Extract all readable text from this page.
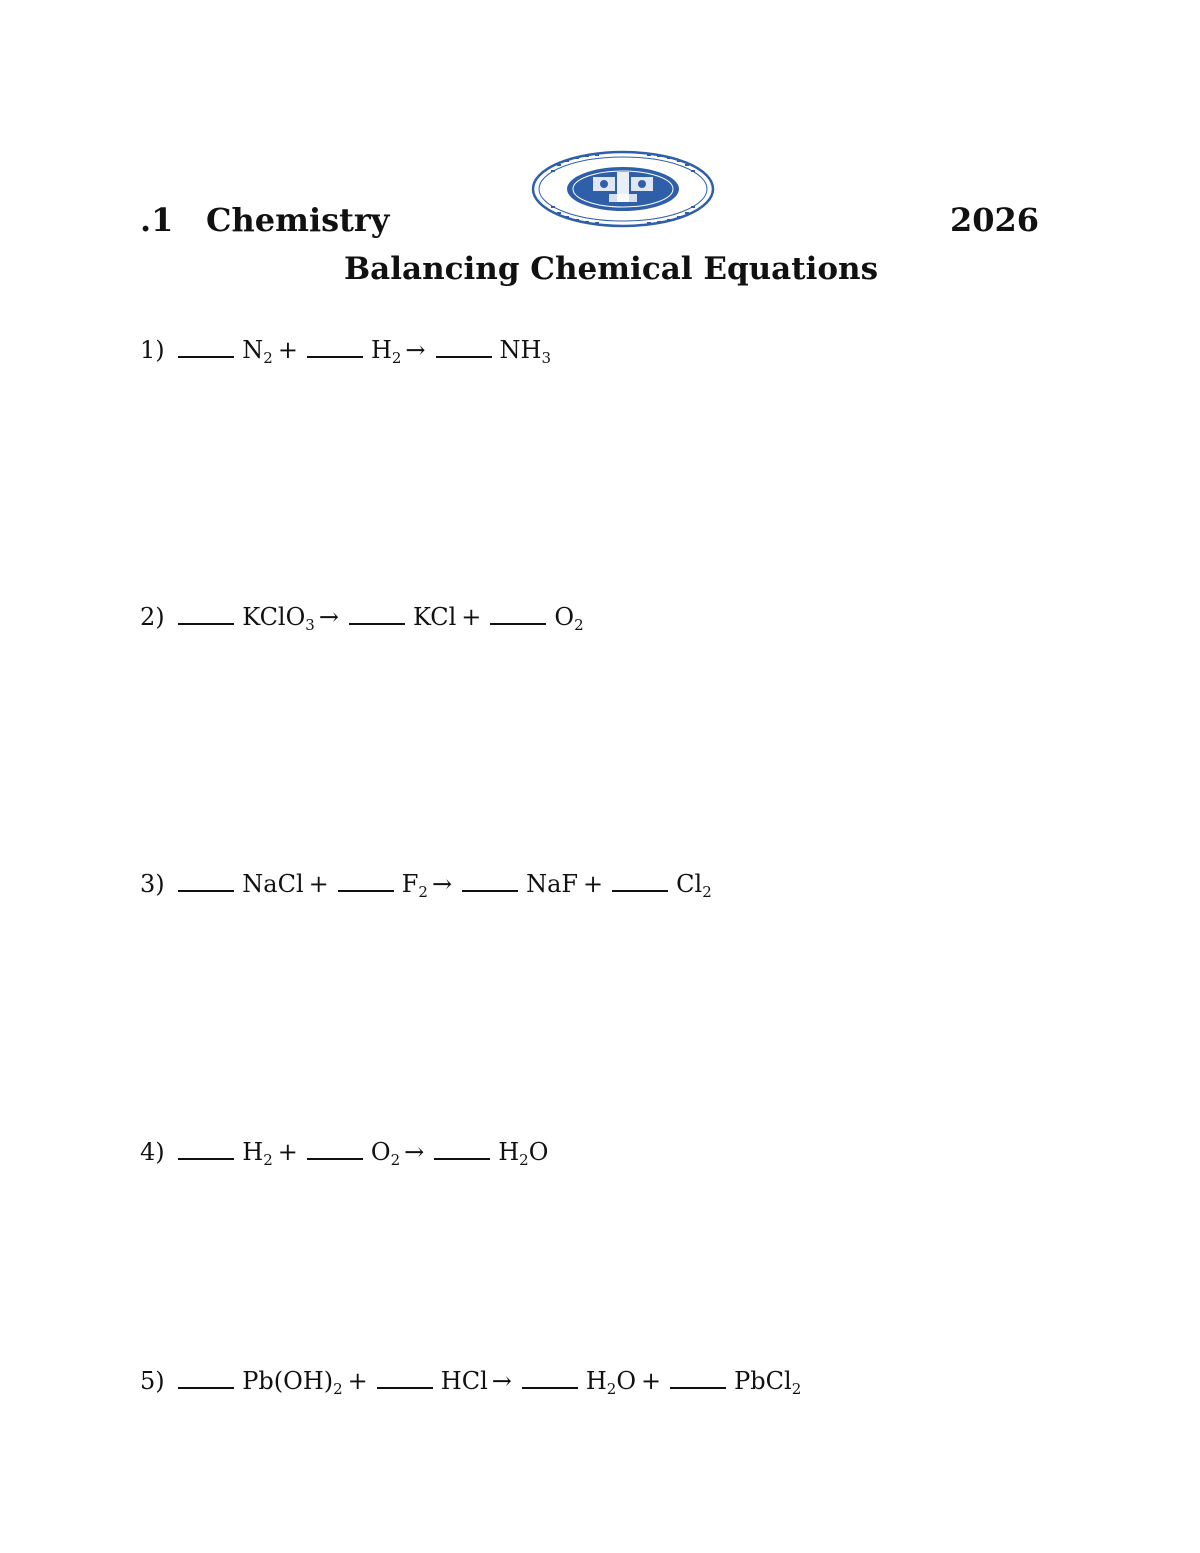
.1 Chemistry	2026
Balancing Chemical Equations
1)	$N_2$ +	$H_2$ →	$NH_3$
2)	KClO$_3$ →	KCl +	$O_2$
3)	NaCl +	$F_2$ →	NaF +	$Cl_2$
4)	$H_2$ +	$O_2$ →	$H_2O$
5)	$Pb(OH)_2$ +	HCl →	$H_2O$ +	PbCl$_2$
